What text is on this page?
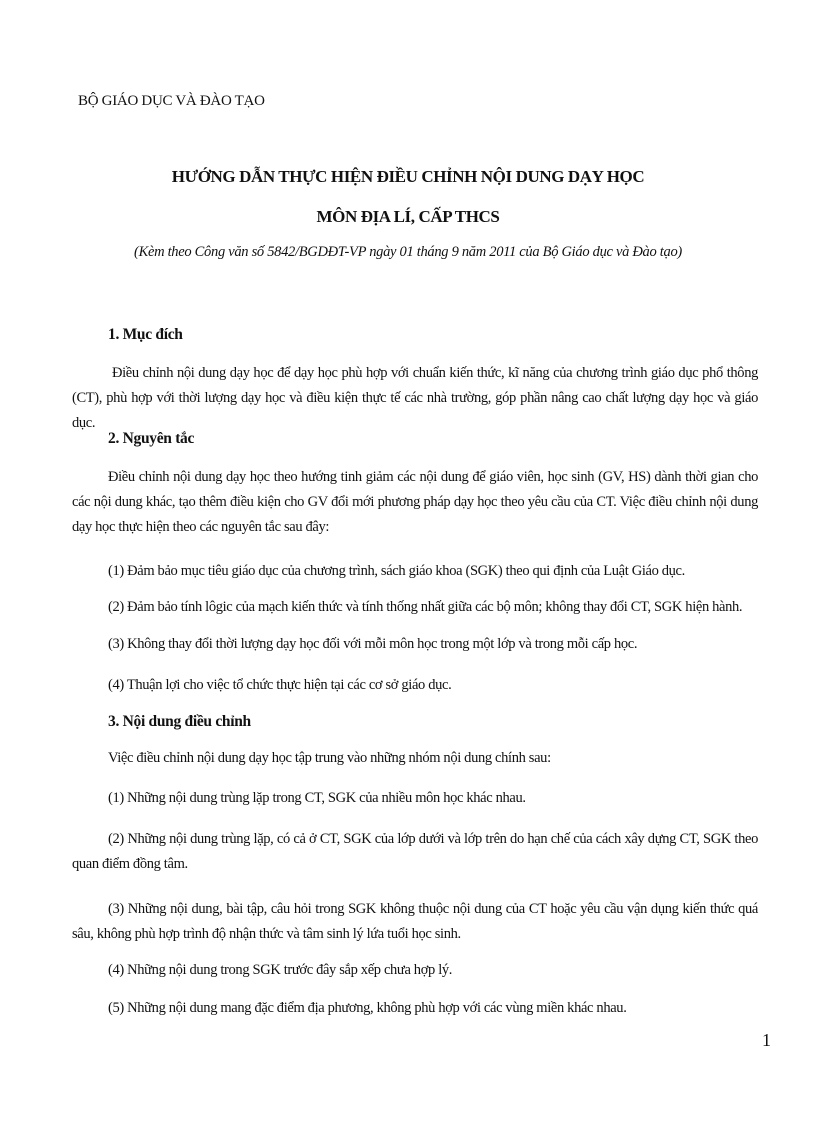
BỘ GIÁO DỤC VÀ ĐÀO TẠO
HƯỚNG DẪN THỰC HIỆN ĐIỀU CHỈNH NỘI DUNG DẠY HỌC
MÔN ĐỊA LÍ, CẤP THCS
(Kèm theo Công văn số 5842/BGDĐT-VP ngày 01 tháng 9 năm 2011 của Bộ Giáo dục và Đào tạo)
1. Mục đích

Điều chỉnh nội dung dạy học để dạy học phù hợp với chuẩn kiến thức, kĩ năng của chương trình giáo dục phổ thông (CT), phù hợp với thời lượng dạy học và điều kiện thực tế các nhà trường, góp phần nâng cao chất lượng dạy học và giáo dục.

2. Nguyên tắc

Điều chỉnh nội dung dạy học theo hướng tinh giảm các nội dung để giáo viên, học sinh (GV, HS) dành thời gian cho các nội dung khác, tạo thêm điều kiện cho GV đổi mới phương pháp dạy học theo yêu cầu của CT. Việc điều chỉnh nội dung dạy học thực hiện theo các nguyên tắc sau đây:

(1) Đảm bảo mục tiêu giáo dục của chương trình, sách giáo khoa (SGK) theo qui định của Luật Giáo dục.
(2) Đảm bảo tính lôgic của mạch kiến thức và tính thống nhất giữa các bộ môn; không thay đổi CT, SGK hiện hành.
(3) Không thay đổi thời lượng dạy học đối với mỗi môn học trong một lớp và trong mỗi cấp học.
(4) Thuận lợi cho việc tổ chức thực hiện tại các cơ sở giáo dục.
3. Nội dung điều chỉnh
Việc điều chỉnh nội dung dạy học tập trung vào những nhóm nội dung chính sau:
(1) Những nội dung trùng lặp trong CT, SGK của nhiều môn học khác nhau.

(2) Những nội dung trùng lặp, có cả ở CT, SGK của lớp dưới và lớp trên do hạn chế của cách xây dựng CT, SGK theo quan điểm đồng tâm.

(3) Những nội dung, bài tập, câu hỏi trong SGK không thuộc nội dung của CT hoặc yêu cầu vận dụng kiến thức quá sâu, không phù hợp trình độ nhận thức và tâm sinh lý lứa tuổi học sinh.

(4) Những nội dung trong SGK trước đây sắp xếp chưa hợp lý.
(5) Những nội dung mang đặc điểm địa phương, không phù hợp với các vùng miền khác nhau.
1
